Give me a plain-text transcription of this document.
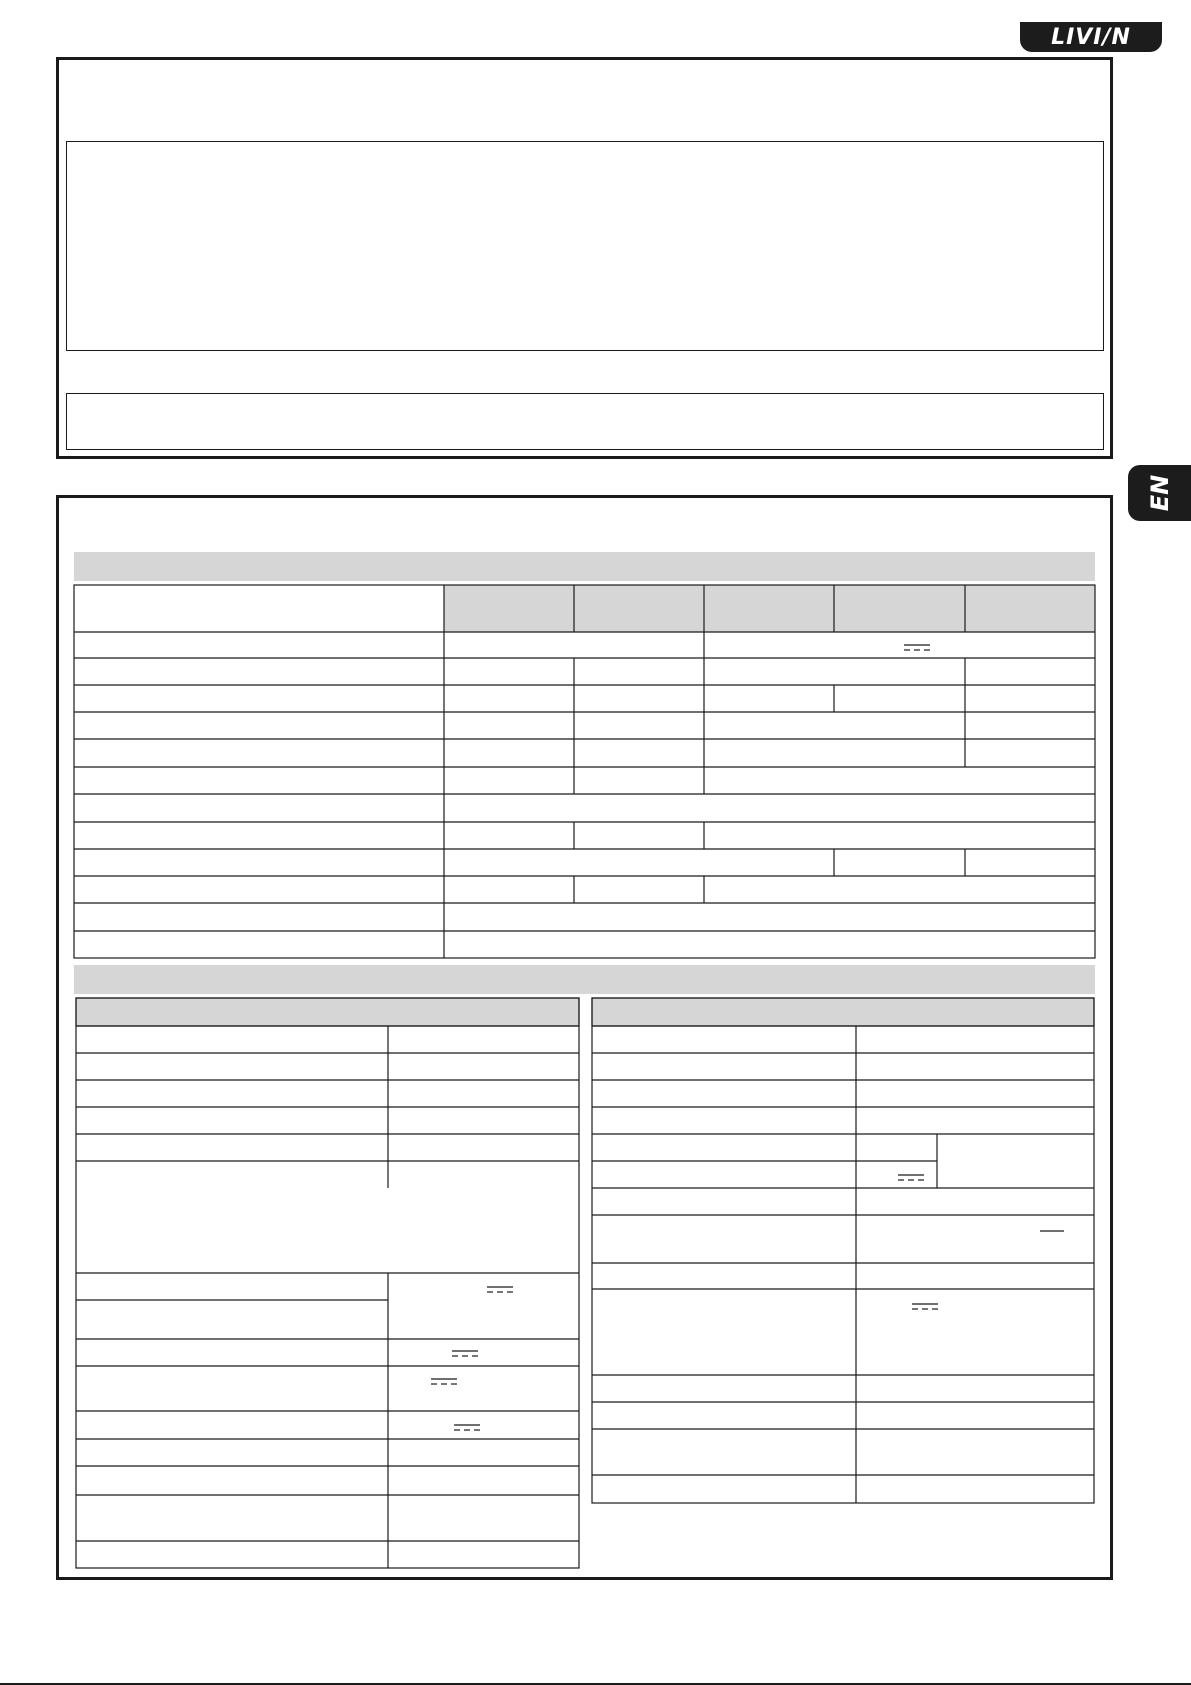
LIVI/N
EN
